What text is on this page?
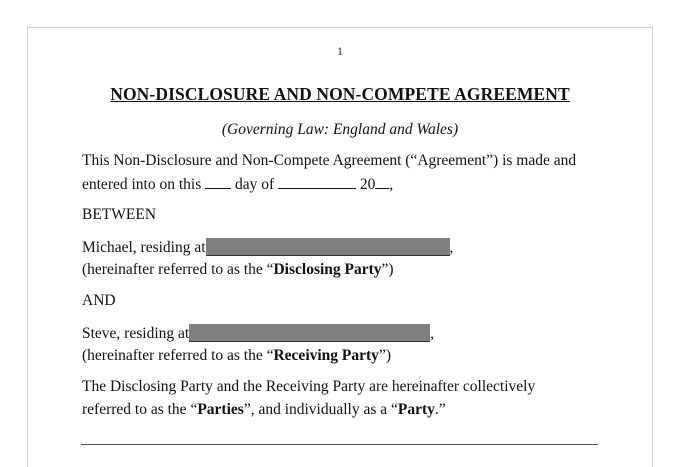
1
NON-DISCLOSURE AND NON-COMPETE AGREEMENT
(Governing Law: England and Wales)
This Non-Disclosure and Non-Compete Agreement (“Agreement”) is made and
entered into on this day of	20 ,
BETWEEN
Michael, residing at	,
(hereinafter referred to as the “Disclosing Party”)
AND
Steve, residing at	,
(hereinafter referred to as the “Receiving Party”)
The Disclosing Party and the Receiving Party are hereinafter collectively
referred to as the “Parties”, and individually as a “Party.”
